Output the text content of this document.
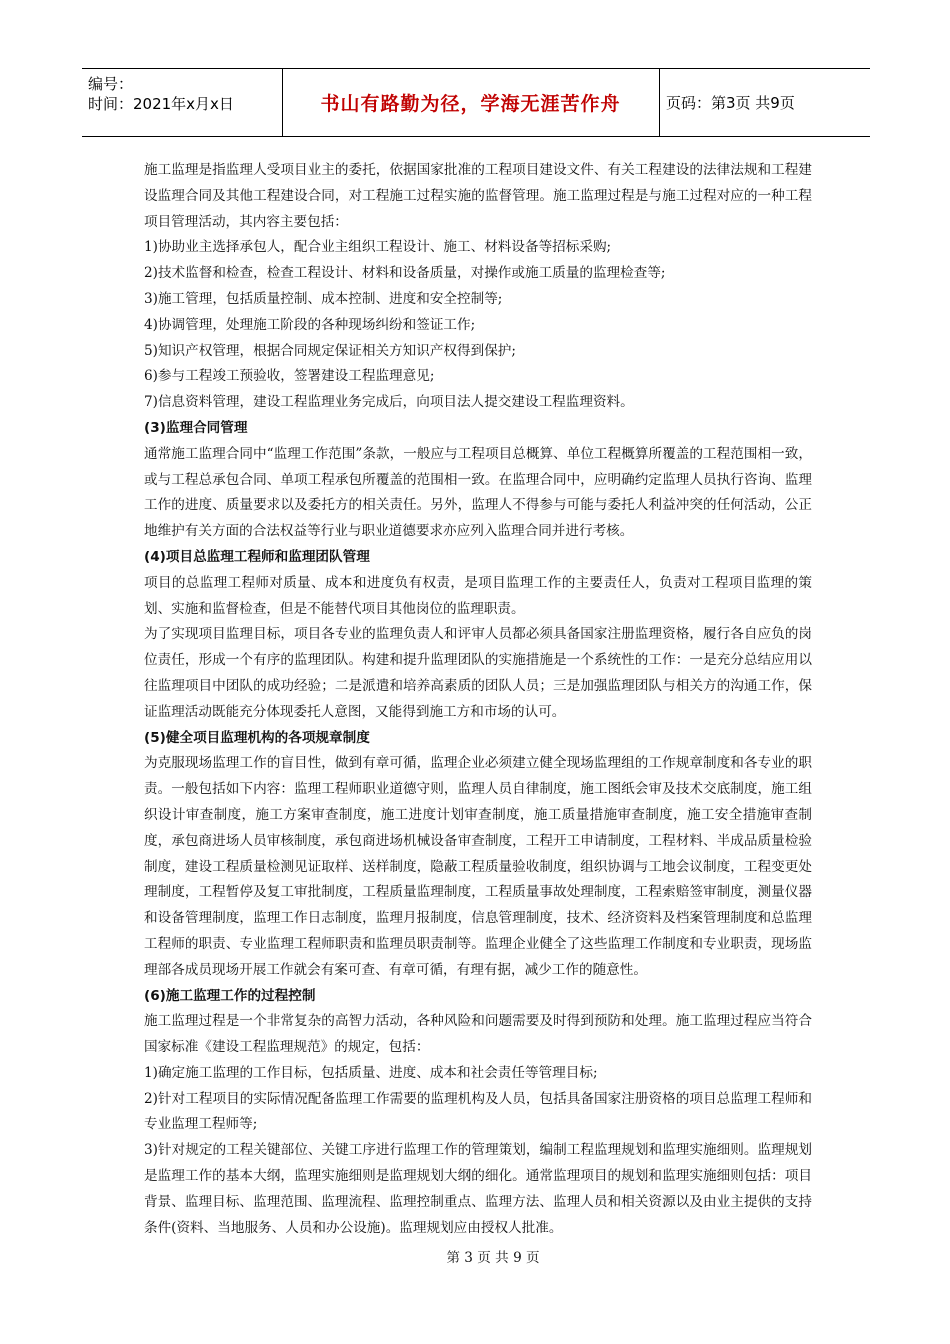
编号：
时间：2021年x月x日	书山有路勤为径，学海无涯苦作舟	页码：第3页 共9页

施工监理是指监理人受项目业主的委托，依据国家批准的工程项目建设文件、有关工程建设的法律法规和工程建设监理合同及其他工程建设合同，对工程施工过程实施的监督管理。施工监理过程是与施工过程对应的一种工程项目管理活动，其内容主要包括：

1)协助业主选择承包人，配合业主组织工程设计、施工、材料设备等招标采购;

2)技术监督和检查，检查工程设计、材料和设备质量，对操作或施工质量的监理检查等;

3)施工管理，包括质量控制、成本控制、进度和安全控制等;

4)协调管理，处理施工阶段的各种现场纠纷和签证工作;

5)知识产权管理，根据合同规定保证相关方知识产权得到保护;

6)参与工程竣工预验收，签署建设工程监理意见;

7)信息资料管理，建设工程监理业务完成后，向项目法人提交建设工程监理资料。

(3)监理合同管理

通常施工监理合同中“监理工作范围”条款，一般应与工程项目总概算、单位工程概算所覆盖的工程范围相一致，或与工程总承包合同、单项工程承包所覆盖的范围相一致。在监理合同中，应明确约定监理人员执行咨询、监理工作的进度、质量要求以及委托方的相关责任。另外，监理人不得参与可能与委托人利益冲突的任何活动，公正地维护有关方面的合法权益等行业与职业道德要求亦应列入监理合同并进行考核。

(4)项目总监理工程师和监理团队管理

项目的总监理工程师对质量、成本和进度负有权责，是项目监理工作的主要责任人，负责对工程项目监理的策划、实施和监督检查，但是不能替代项目其他岗位的监理职责。

为了实现项目监理目标，项目各专业的监理负责人和评审人员都必须具备国家注册监理资格，履行各自应负的岗位责任，形成一个有序的监理团队。构建和提升监理团队的实施措施是一个系统性的工作：一是充分总结应用以往监理项目中团队的成功经验；二是派遣和培养高素质的团队人员；三是加强监理团队与相关方的沟通工作，保证监理活动既能充分体现委托人意图，又能得到施工方和市场的认可。

(5)健全项目监理机构的各项规章制度

为克服现场监理工作的盲目性，做到有章可循，监理企业必须建立健全现场监理组的工作规章制度和各专业的职责。一般包括如下内容：监理工程师职业道德守则，监理人员自律制度，施工图纸会审及技术交底制度，施工组织设计审查制度，施工方案审查制度，施工进度计划审查制度，施工质量措施审查制度，施工安全措施审查制度，承包商进场人员审核制度，承包商进场机械设备审查制度，工程开工申请制度，工程材料、半成品质量检验制度，建设工程质量检测见证取样、送样制度，隐蔽工程质量验收制度，组织协调与工地会议制度，工程变更处理制度，工程暂停及复工审批制度，工程质量监理制度，工程质量事故处理制度，工程索赔签审制度，测量仪器和设备管理制度，监理工作日志制度，监理月报制度，信息管理制度，技术、经济资料及档案管理制度和总监理工程师的职责、专业监理工程师职责和监理员职责制等。监理企业健全了这些监理工作制度和专业职责，现场监理部各成员现场开展工作就会有案可查、有章可循，有理有据，减少工作的随意性。

(6)施工监理工作的过程控制

施工监理过程是一个非常复杂的高智力活动，各种风险和问题需要及时得到预防和处理。施工监理过程应当符合国家标准《建设工程监理规范》的规定，包括：

1)确定施工监理的工作目标，包括质量、进度、成本和社会责任等管理目标;

2)针对工程项目的实际情况配备监理工作需要的监理机构及人员，包括具备国家注册资格的项目总监理工程师和专业监理工程师等;

3)针对规定的工程关键部位、关键工序进行监理工作的管理策划，编制工程监理规划和监理实施细则。监理规划是监理工作的基本大纲，监理实施细则是监理规划大纲的细化。通常监理项目的规划和监理实施细则包括：项目背景、监理目标、监理范围、监理流程、监理控制重点、监理方法、监理人员和相关资源以及由业主提供的支持条件(资料、当地服务、人员和办公设施)。监理规划应由授权人批准。

第 3 页 共 9 页
